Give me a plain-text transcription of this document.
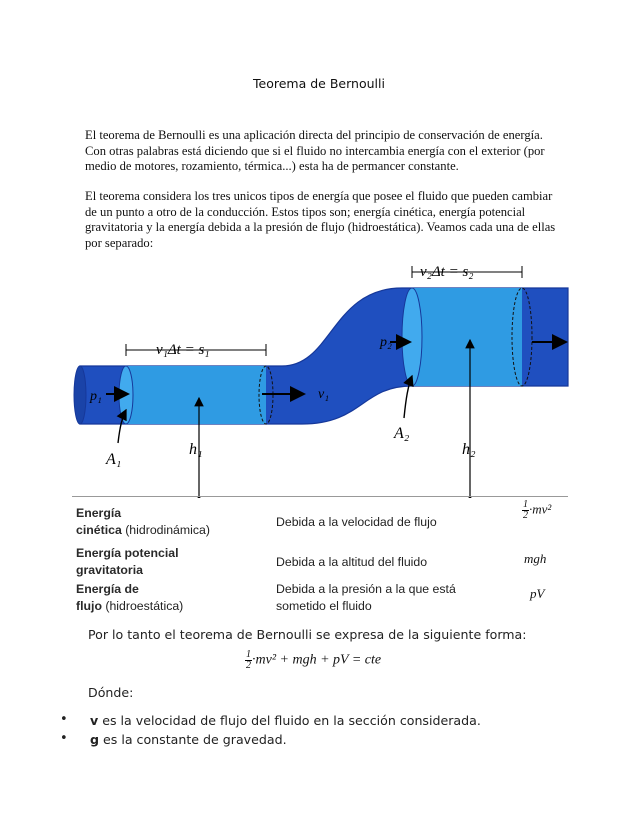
Teorema de Bernoulli
El teorema de Bernoulli es una aplicación directa del principio de conservación de energía. Con otras palabras está diciendo que si el fluido no intercambia energía con el exterior (por medio de motores, rozamiento, térmica...) esta ha de permancer constante.
El teorema considera los tres unicos tipos de energía que posee el fluido que pueden cambiar de un punto a otro de la conducción. Estos tipos son; energía cinética, energía potencial gravitatoria y la energía debida a la presión de flujo (hidroestática). Veamos cada una de ellas por separado:
v₁Δt = s₁
v₂Δt = s₂
p₁
p₂
v₁
A₁
A₂
h₁	h₂
Energía
cinética (hidrodinámica)
Debida a la velocidad de flujo
$\frac{1}{2}\cdot mv^2$
Energía potencial
gravitatoria
Debida a la altitud del fluido	mgh
Energía de
flujo (hidroestática)
Debida a la presión a la que está sometido el fluido
pV
Por lo tanto el teorema de Bernoulli se expresa de la siguiente forma:
$\frac{1}{2}\cdot mv^2$ + mgh + pV = cte
Dónde:
• v es la velocidad de flujo del fluido en la sección considerada.
• g es la constante de gravedad.
